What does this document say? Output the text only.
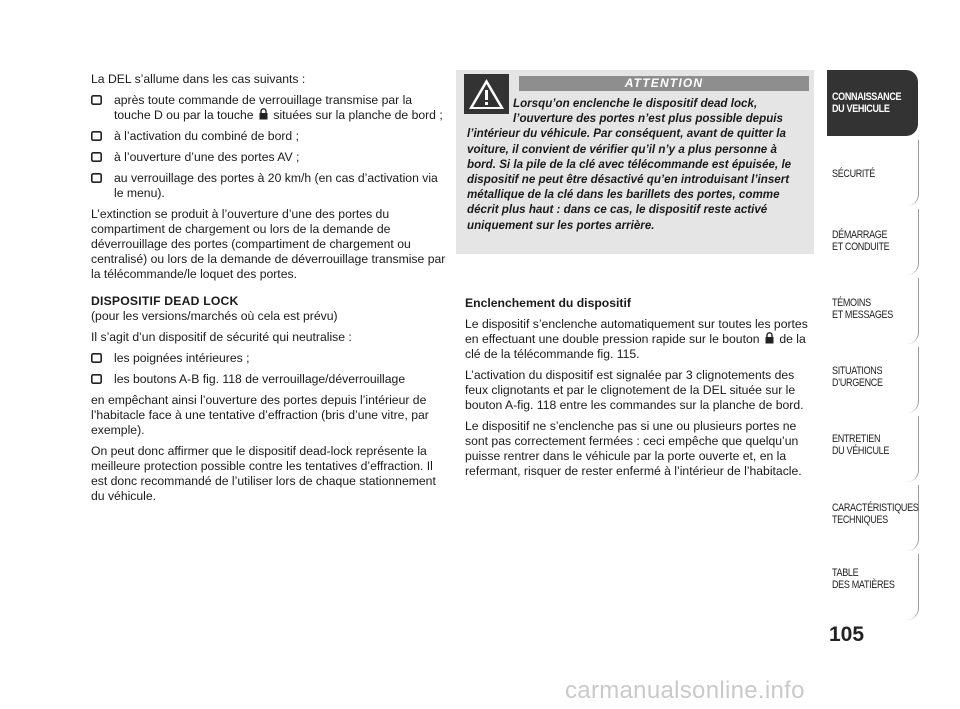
La DEL s’allume dans les cas suivants :

après toute commande de verrouillage transmise par la touche D ou par la touche situées sur la planche de bord ;
à l’activation du combiné de bord ;
à l’ouverture d’une des portes AV ;
au verrouillage des portes à 20 km/h (en cas d’activation via le menu).

L’extinction se produit à l’ouverture d’une des portes du compartiment de chargement ou lors de la demande de déverrouillage des portes (compartiment de chargement ou centralisé) ou lors de la demande de déverrouillage transmise par la télécommande/le loquet des portes.

DISPOSITIF DEAD LOCK

(pour les versions/marchés où cela est prévu)

Il s’agit d’un dispositif de sécurité qui neutralise :

les poignées intérieures ;
les boutons A-B fig. 118 de verrouillage/déverrouillage

en empêchant ainsi l’ouverture des portes depuis l’intérieur de l’habitacle face à une tentative d’effraction (bris d’une vitre, par exemple).

On peut donc affirmer que le dispositif dead-lock représente la meilleure protection possible contre les tentatives d’effraction. Il est donc recommandé de l’utiliser lors de chaque stationnement du véhicule.

ATTENTION
Lorsqu’on enclenche le dispositif dead lock, l’ouverture des portes n’est plus possible depuis l’intérieur du véhicule. Par conséquent, avant de quitter la voiture, il convient de vérifier qu’il n’y a plus personne à bord. Si la pile de la clé avec télécommande est épuisée, le dispositif ne peut être désactivé qu’en introduisant l’insert métallique de la clé dans les barillets des portes, comme décrit plus haut : dans ce cas, le dispositif reste activé uniquement sur les portes arrière.
Enclenchement du dispositif

Le dispositif s’enclenche automatiquement sur toutes les portes en effectuant une double pression rapide sur le bouton de la clé de la télécommande fig. 115.

L’activation du dispositif est signalée par 3 clignotements des feux clignotants et par le clignotement de la DEL située sur le bouton A-fig. 118 entre les commandes sur la planche de bord.

Le dispositif ne s’enclenche pas si une ou plusieurs portes ne sont pas correctement fermées : ceci empêche que quelqu’un puisse rentrer dans le véhicule par la porte ouverte et, en la refermant, risquer de rester enfermé à l’intérieur de l’habitacle.

CONNAISSANCE
DU VEHICULE
SÉCURITÉ
DÉMARRAGE
ET CONDUITE
TÉMOINS
ET MESSAGES
SITUATIONS
D’URGENCE
ENTRETIEN
DU VÉHICULE
CARACTÉRISTIQUES
TECHNIQUES
TABLE
DES MATIÈRES
105
carmanualsonline.info
